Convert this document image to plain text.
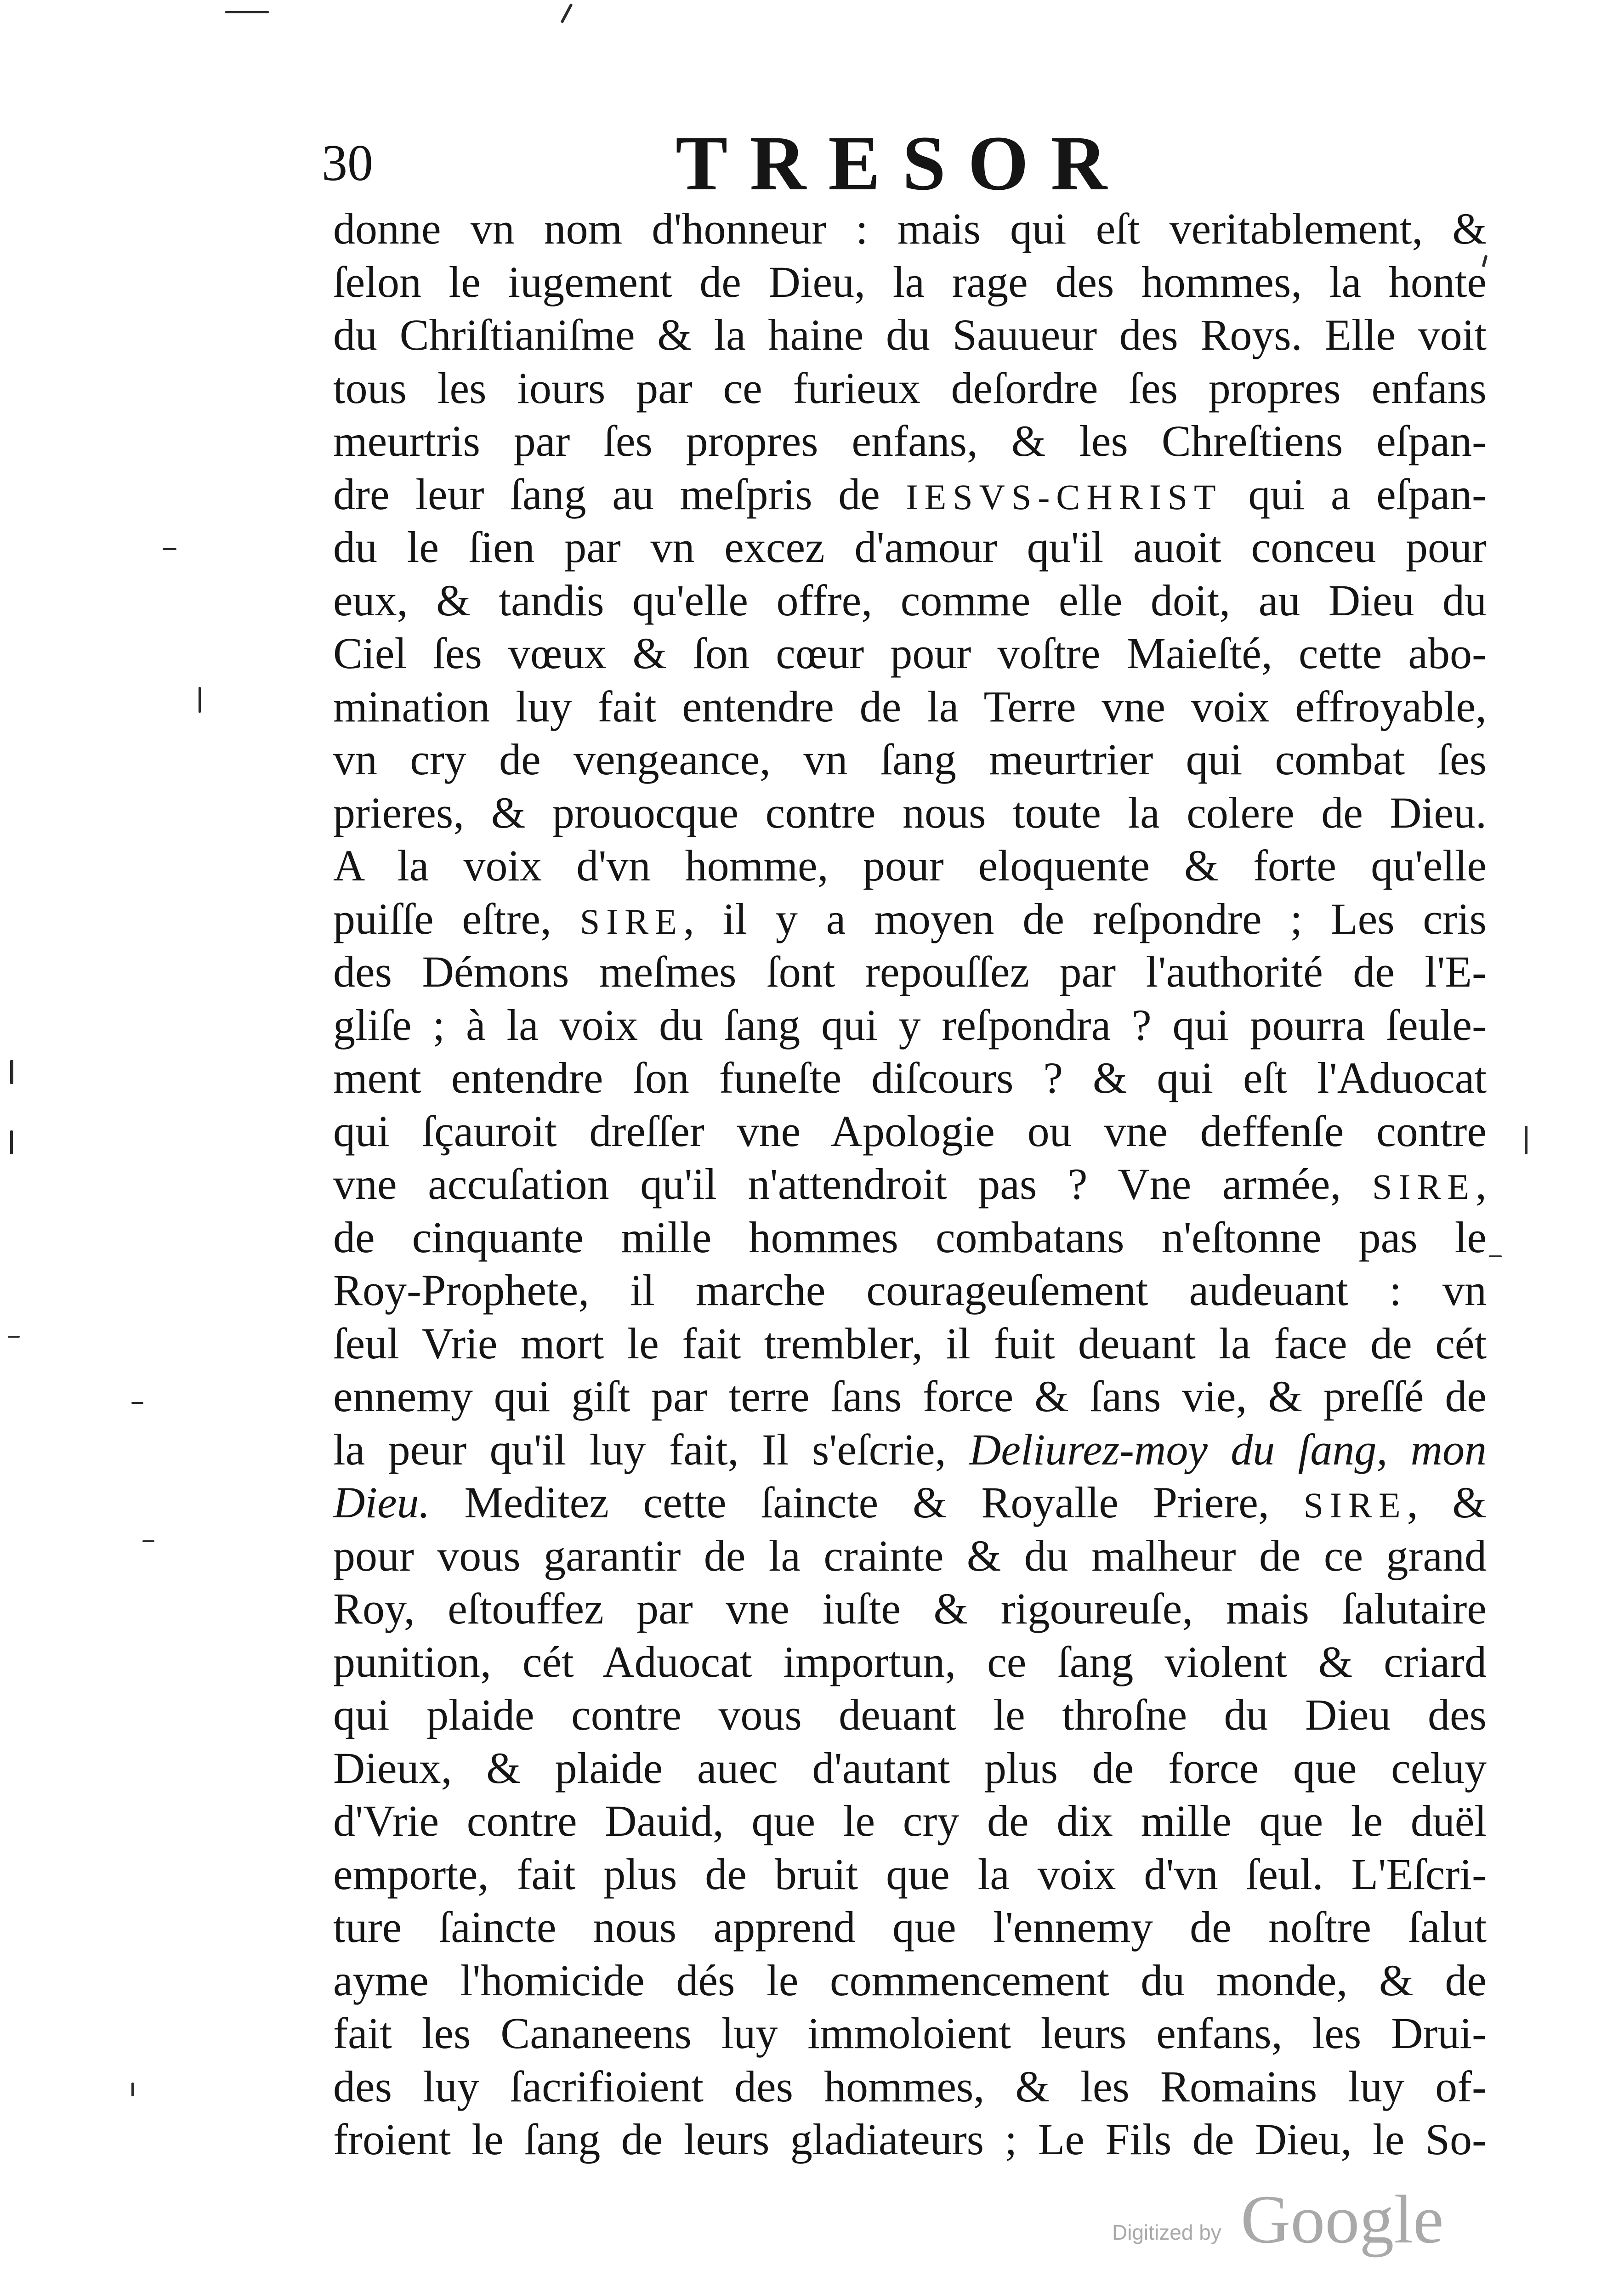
30	TRESOR
donne vn nom d'honneur : mais qui eſt veritablement, &
ſelon le iugement de Dieu, la rage des hommes, la honte
du Chriſtianiſme & la haine du Sauueur des Roys. Elle voit
tous les iours par ce furieux deſordre ſes propres enfans
meurtris par ſes propres enfans, & les Chreſtiens eſpan-
dre leur ſang au meſpris de IESVS-CHRIST qui a eſpan-
du le ſien par vn excez d'amour qu'il auoit conceu pour
eux, & tandis qu'elle offre, comme elle doit, au Dieu du
Ciel ſes vœux & ſon cœur pour voſtre Maieſté, cette abo-
mination luy fait entendre de la Terre vne voix effroyable,
vn cry de vengeance, vn ſang meurtrier qui combat ſes
prieres, & prouocque contre nous toute la colere de Dieu.
A la voix d'vn homme, pour eloquente & forte qu'elle
puiſſe eſtre, SIRE, il y a moyen de reſpondre ; Les cris
des Démons meſmes ſont repouſſez par l'authorité de l'E-
gliſe ; à la voix du ſang qui y reſpondra ? qui pourra ſeule-
ment entendre ſon funeſte diſcours ? & qui eſt l'Aduocat
qui ſçauroit dreſſer vne Apologie ou vne deffenſe contre
vne accuſation qu'il n'attendroit pas ? Vne armée, SIRE,
de cinquante mille hommes combatans n'eſtonne pas le
Roy-Prophete, il marche courageuſement audeuant : vn
ſeul Vrie mort le fait trembler, il fuit deuant la face de cét
ennemy qui giſt par terre ſans force & ſans vie, & preſſé de
la peur qu'il luy fait, Il s'eſcrie, Deliurez-moy du ſang, mon
Dieu. Meditez cette ſaincte & Royalle Priere, SIRE, &
pour vous garantir de la crainte & du malheur de ce grand
Roy, eſtouffez par vne iuſte & rigoureuſe, mais ſalutaire
punition, cét Aduocat importun, ce ſang violent & criard
qui plaide contre vous deuant le throſne du Dieu des
Dieux, & plaide auec d'autant plus de force que celuy
d'Vrie contre Dauid, que le cry de dix mille que le duël
emporte, fait plus de bruit que la voix d'vn ſeul. L'Eſcri-
ture ſaincte nous apprend que l'ennemy de noſtre ſalut
ayme l'homicide dés le commencement du monde, & de
fait les Cananeens luy immoloient leurs enfans, les Drui-
des luy ſacrifioient des hommes, & les Romains luy of-
froient le ſang de leurs gladiateurs ; Le Fils de Dieu, le So-
Digitized by Google
